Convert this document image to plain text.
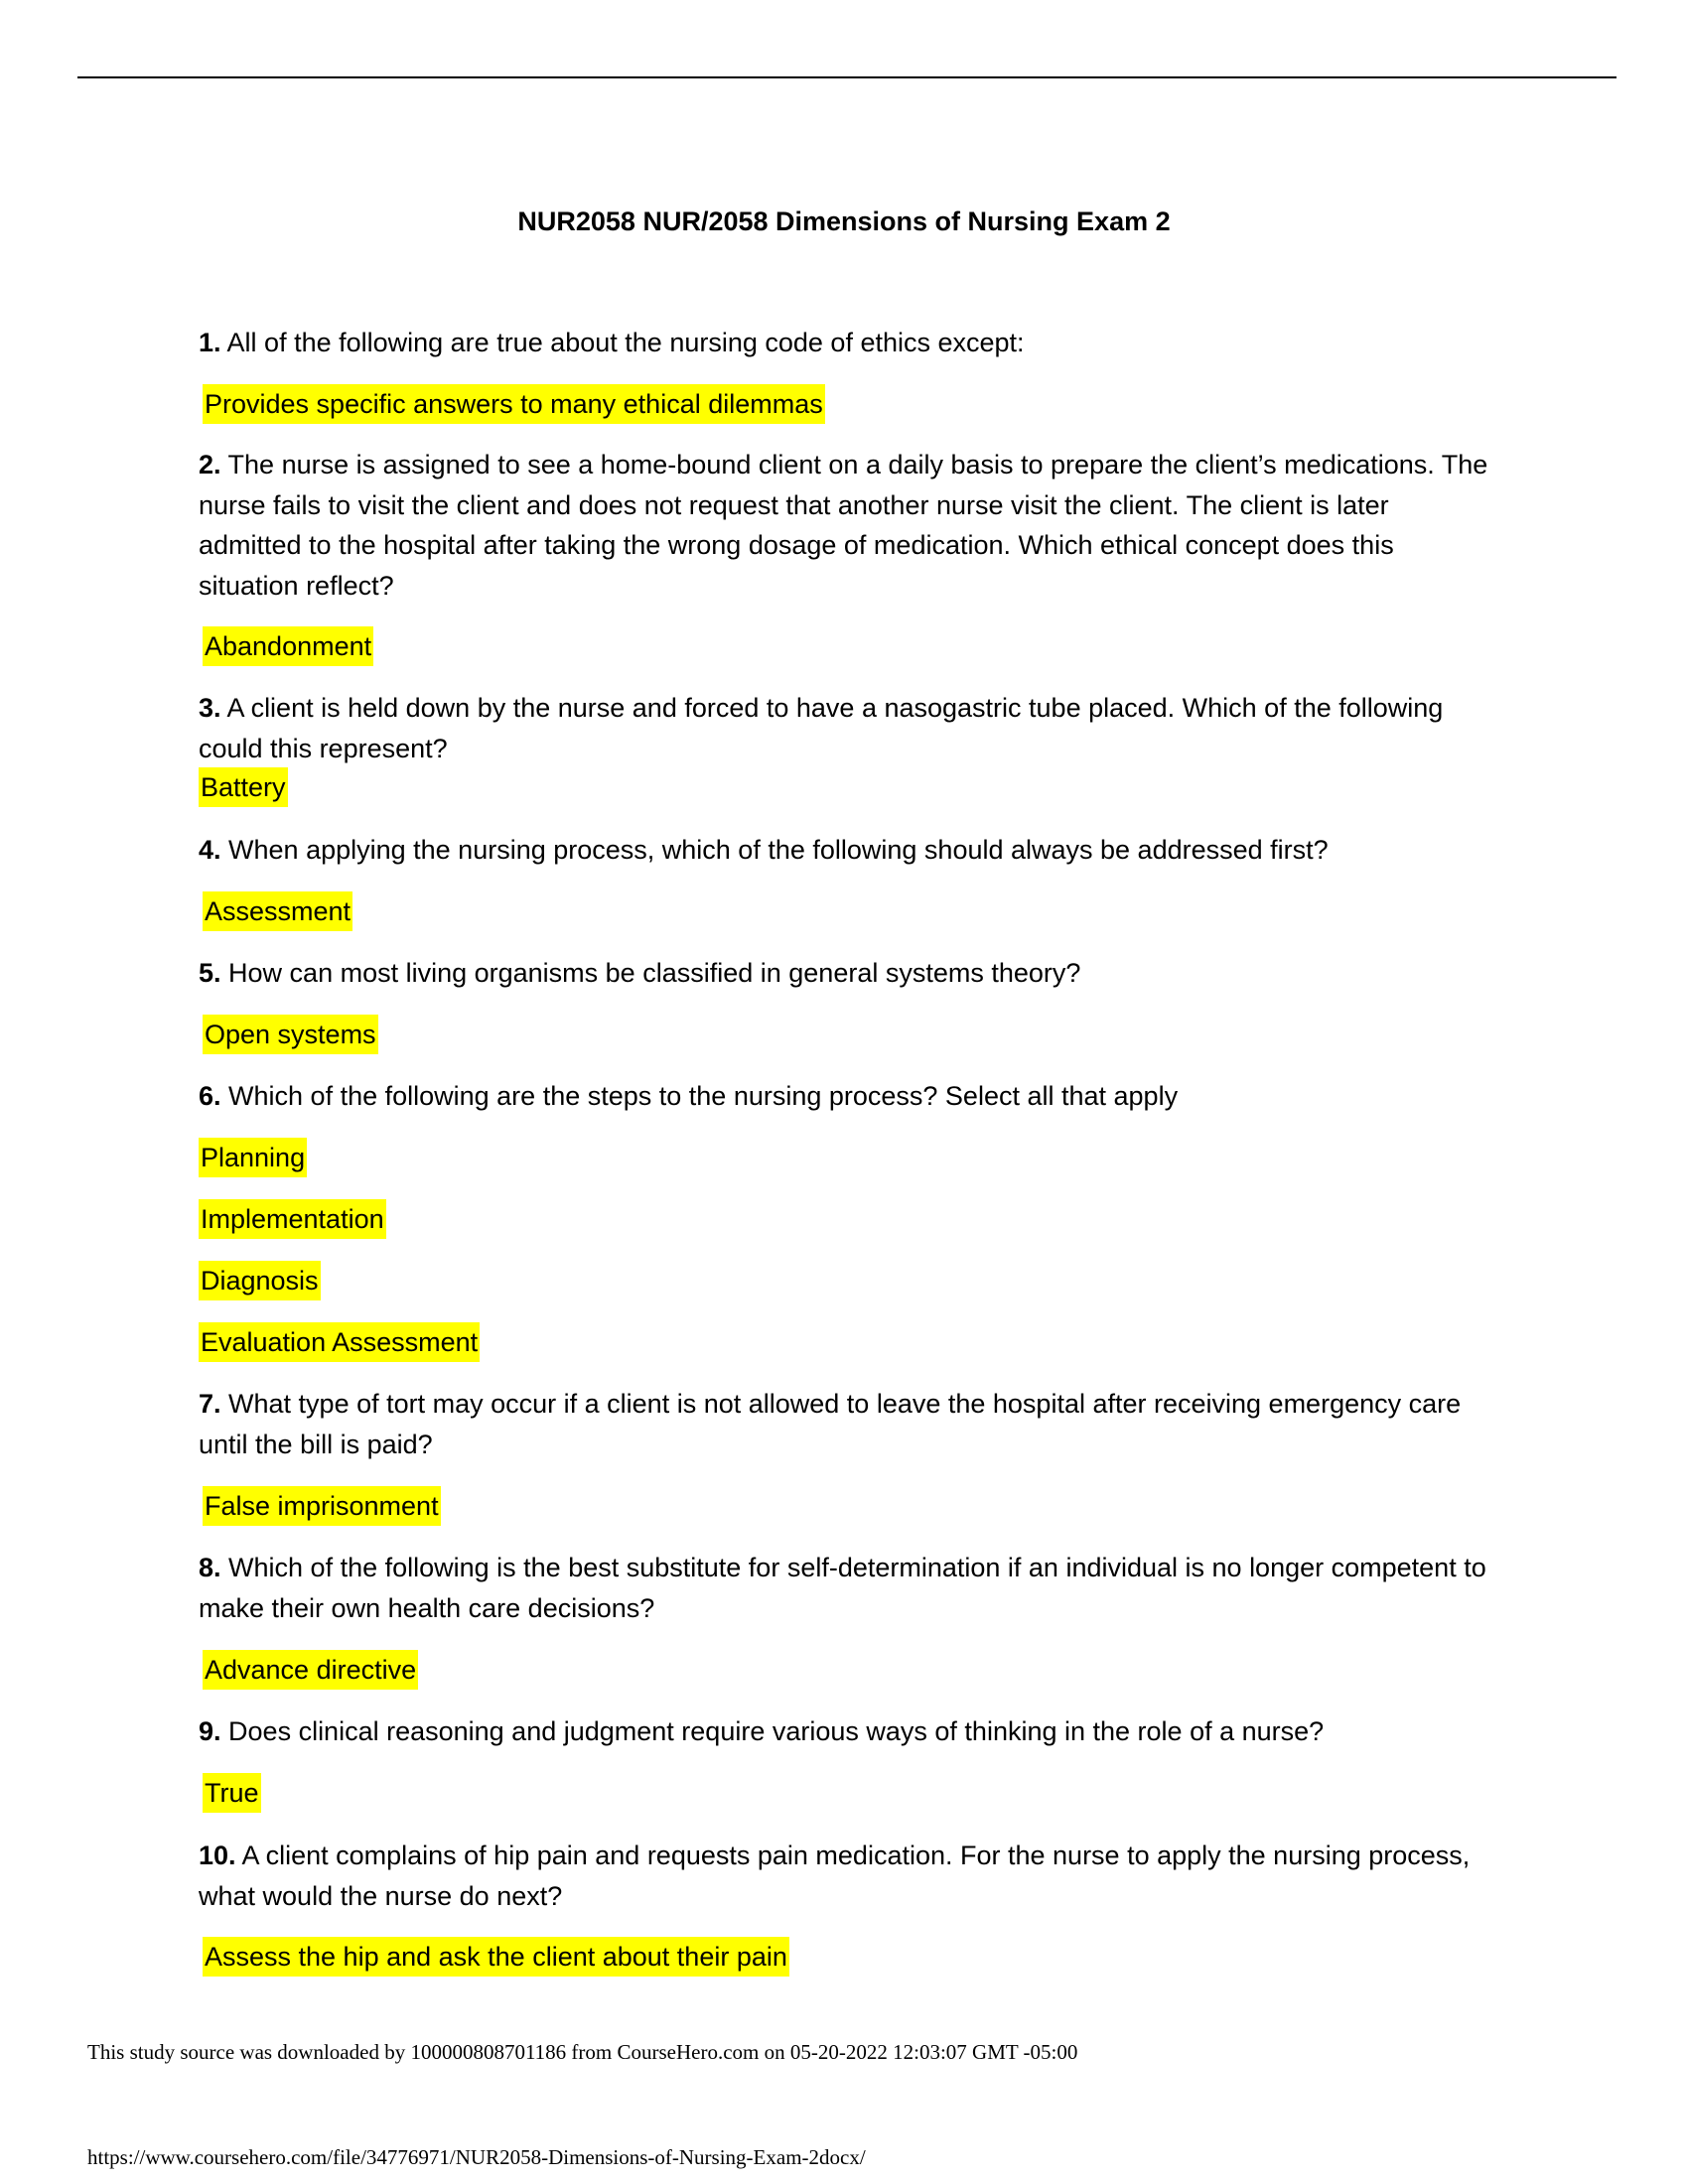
NUR2058 NUR/2058 Dimensions of Nursing Exam 2

1. All of the following are true about the nursing code of ethics except:

Provides specific answers to many ethical dilemmas

2. The nurse is assigned to see a home-bound client on a daily basis to prepare the client’s medications. The nurse fails to visit the client and does not request that another nurse visit the client. The client is later admitted to the hospital after taking the wrong dosage of medication. Which ethical concept does this situation reflect?

Abandonment

3. A client is held down by the nurse and forced to have a nasogastric tube placed. Which of the following could this represent?

Battery

4. When applying the nursing process, which of the following should always be addressed first?

Assessment

5. How can most living organisms be classified in general systems theory?

Open systems

6. Which of the following are the steps to the nursing process? Select all that apply

Planning

Implementation

Diagnosis

Evaluation Assessment

7. What type of tort may occur if a client is not allowed to leave the hospital after receiving emergency care until the bill is paid?

False imprisonment

8. Which of the following is the best substitute for self-determination if an individual is no longer competent to make their own health care decisions?

Advance directive

9. Does clinical reasoning and judgment require various ways of thinking in the role of a nurse?

True

10. A client complains of hip pain and requests pain medication. For the nurse to apply the nursing process, what would the nurse do next?

Assess the hip and ask the client about their pain

This study source was downloaded by 100000808701186 from CourseHero.com on 05-20-2022 12:03:07 GMT -05:00
https://www.coursehero.com/file/34776971/NUR2058-Dimensions-of-Nursing-Exam-2docx/
